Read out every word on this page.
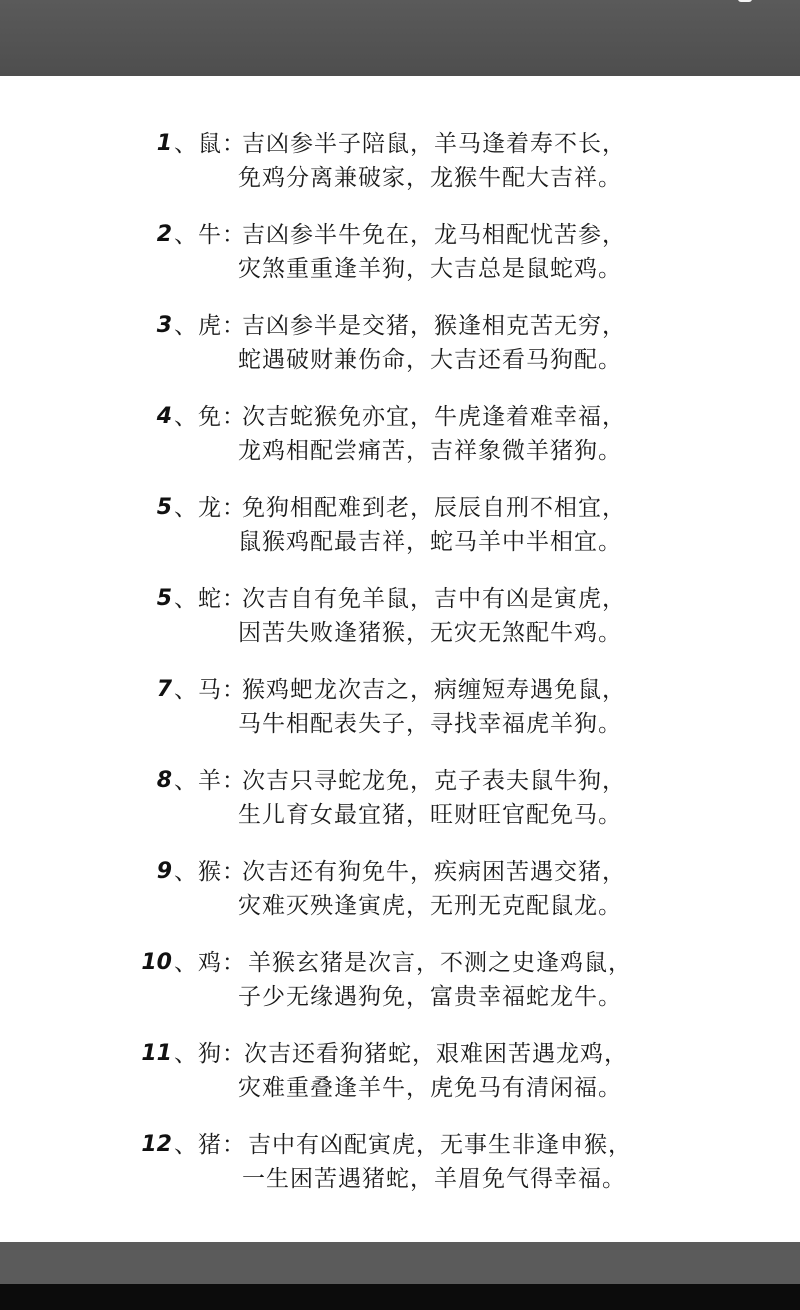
1 、鼠：
吉凶参半子陪鼠，羊马逢着寿不长，
免鸡分离兼破家，龙猴牛配大吉祥。
2 、牛：
吉凶参半牛免在，龙马相配忧苦参，
灾煞重重逢羊狗，大吉总是鼠蛇鸡。
3 、虎：
吉凶参半是交猪，猴逢相克苦无穷，
蛇遇破财兼伤命，大吉还看马狗配。
4 、免：
次吉蛇猴免亦宜，牛虎逢着难幸福，
龙鸡相配尝痛苦，吉祥象微羊猪狗。
5 、龙：
免狗相配难到老，辰辰自刑不相宜，
鼠猴鸡配最吉祥，蛇马羊中半相宜。
5 、蛇：
次吉自有免羊鼠，吉中有凶是寅虎，
因苦失败逢猪猴，无灾无煞配牛鸡。
7 、马：
猴鸡蚆龙次吉之，病缠短寿遇免鼠，
马牛相配表失子，寻找幸福虎羊狗。
8 、羊：
次吉只寻蛇龙免，克子表夫鼠牛狗，
生儿育女最宜猪，旺财旺官配免马。
9 、猴：
次吉还有狗免牛，疾病困苦遇交猪，
灾难灭殃逢寅虎，无刑无克配鼠龙。
10 、鸡： 羊猴玄猪是次言，不测之史逢鸡鼠，
子少无缘遇狗免，富贵幸福蛇龙牛。
11 、狗：
次吉还看狗猪蛇，艰难困苦遇龙鸡，
灾难重叠逢羊牛，虎免马有清闲福。
12 、猪： 吉中有凶配寅虎，无事生非逢申猴，
一生困苦遇猪蛇，羊眉免气得幸福。
